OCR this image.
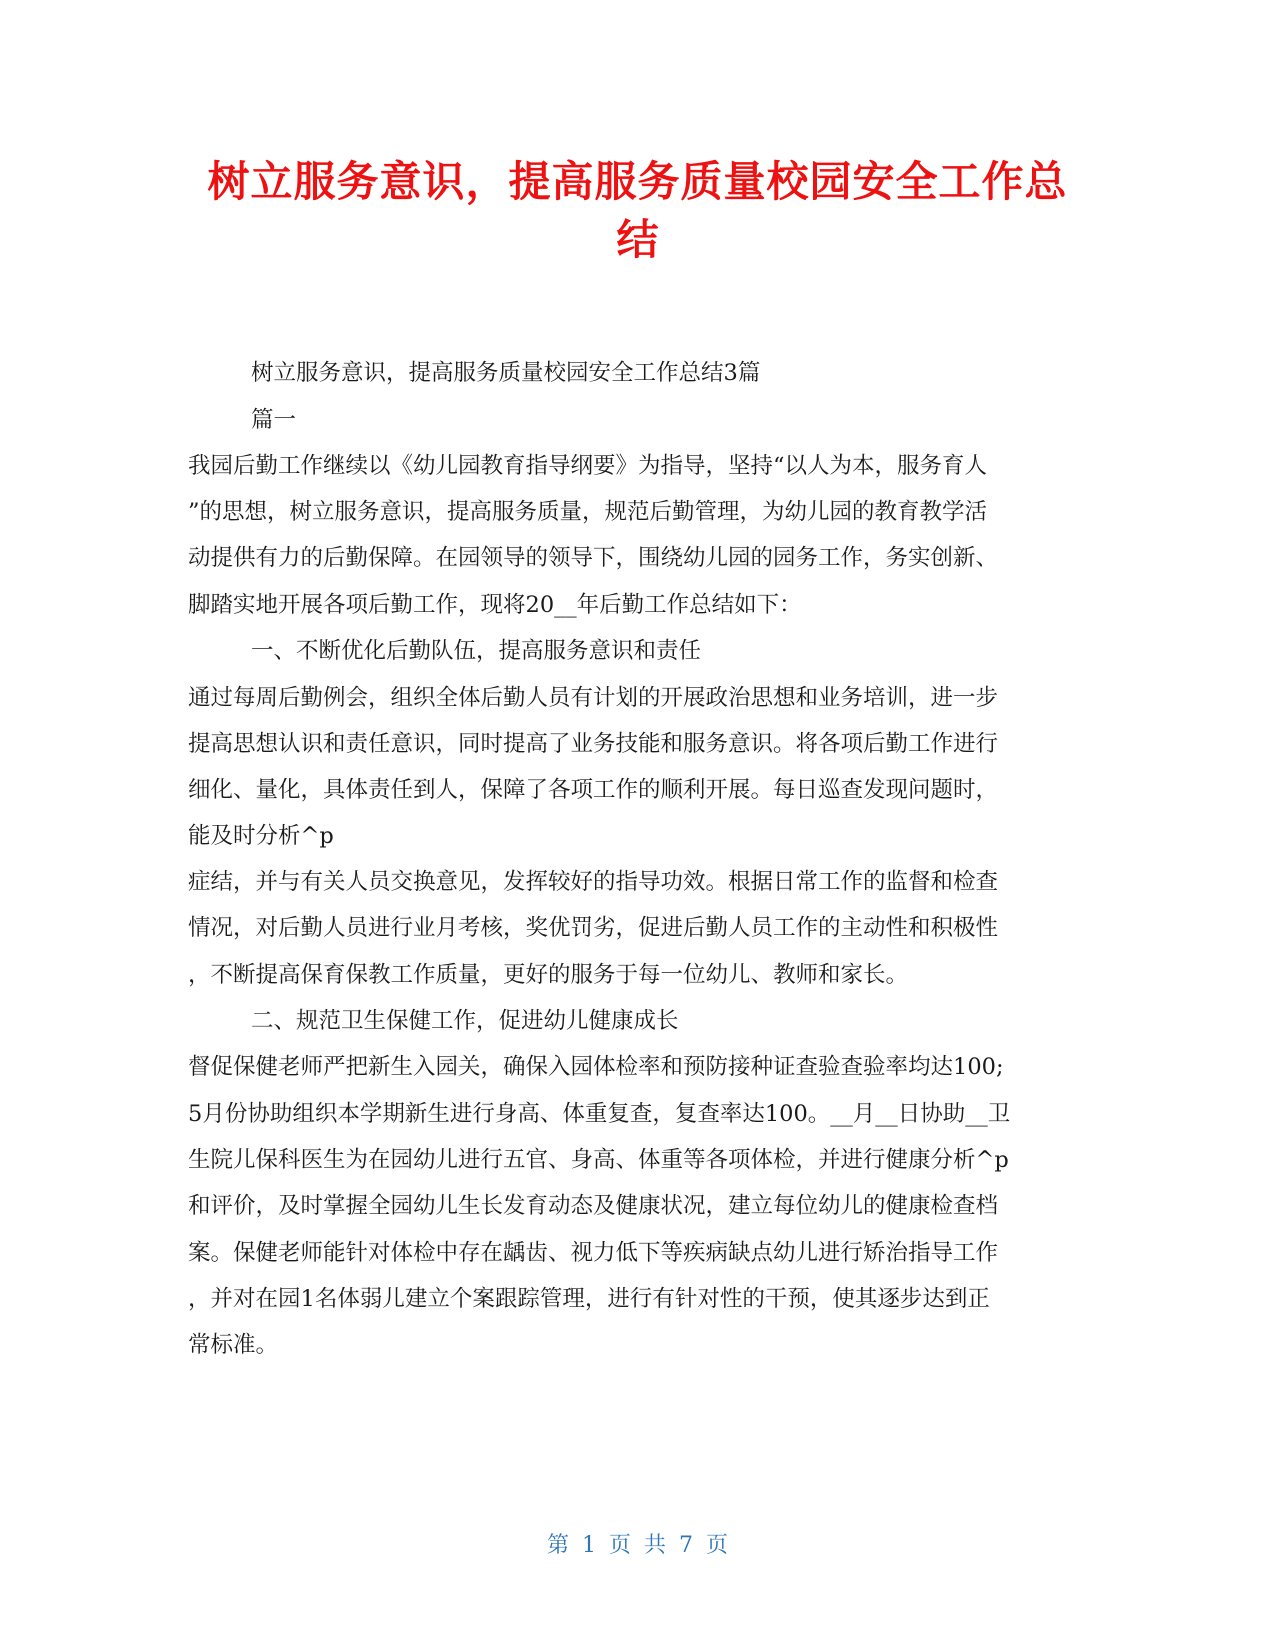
树立服务意识，提高服务质量校园安全工作总
结
树立服务意识，提高服务质量校园安全工作总结3篇
篇一
我园后勤工作继续以《幼儿园教育指导纲要》为指导，坚持“以人为本，服务育人
”的思想，树立服务意识，提高服务质量，规范后勤管理，为幼儿园的教育教学活
动提供有力的后勤保障。在园领导的领导下，围绕幼儿园的园务工作，务实创新、
脚踏实地开展各项后勤工作，现将20__年后勤工作总结如下：
一、不断优化后勤队伍，提高服务意识和责任
通过每周后勤例会，组织全体后勤人员有计划的开展政治思想和业务培训，进一步
提高思想认识和责任意识，同时提高了业务技能和服务意识。将各项后勤工作进行
细化、量化，具体责任到人，保障了各项工作的顺利开展。每日巡查发现问题时，
能及时分析^p
症结，并与有关人员交换意见，发挥较好的指导功效。根据日常工作的监督和检查
情况，对后勤人员进行业月考核，奖优罚劣，促进后勤人员工作的主动性和积极性
，不断提高保育保教工作质量，更好的服务于每一位幼儿、教师和家长。
二、规范卫生保健工作，促进幼儿健康成长
督促保健老师严把新生入园关，确保入园体检率和预防接种证查验查验率均达100;
5月份协助组织本学期新生进行身高、体重复查，复查率达100。__月__日协助__卫
生院儿保科医生为在园幼儿进行五官、身高、体重等各项体检，并进行健康分析^p
和评价，及时掌握全园幼儿生长发育动态及健康状况，建立每位幼儿的健康检查档
案。保健老师能针对体检中存在龋齿、视力低下等疾病缺点幼儿进行矫治指导工作
，并对在园1名体弱儿建立个案跟踪管理，进行有针对性的干预，使其逐步达到正
常标准。
第 1 页 共 7 页
